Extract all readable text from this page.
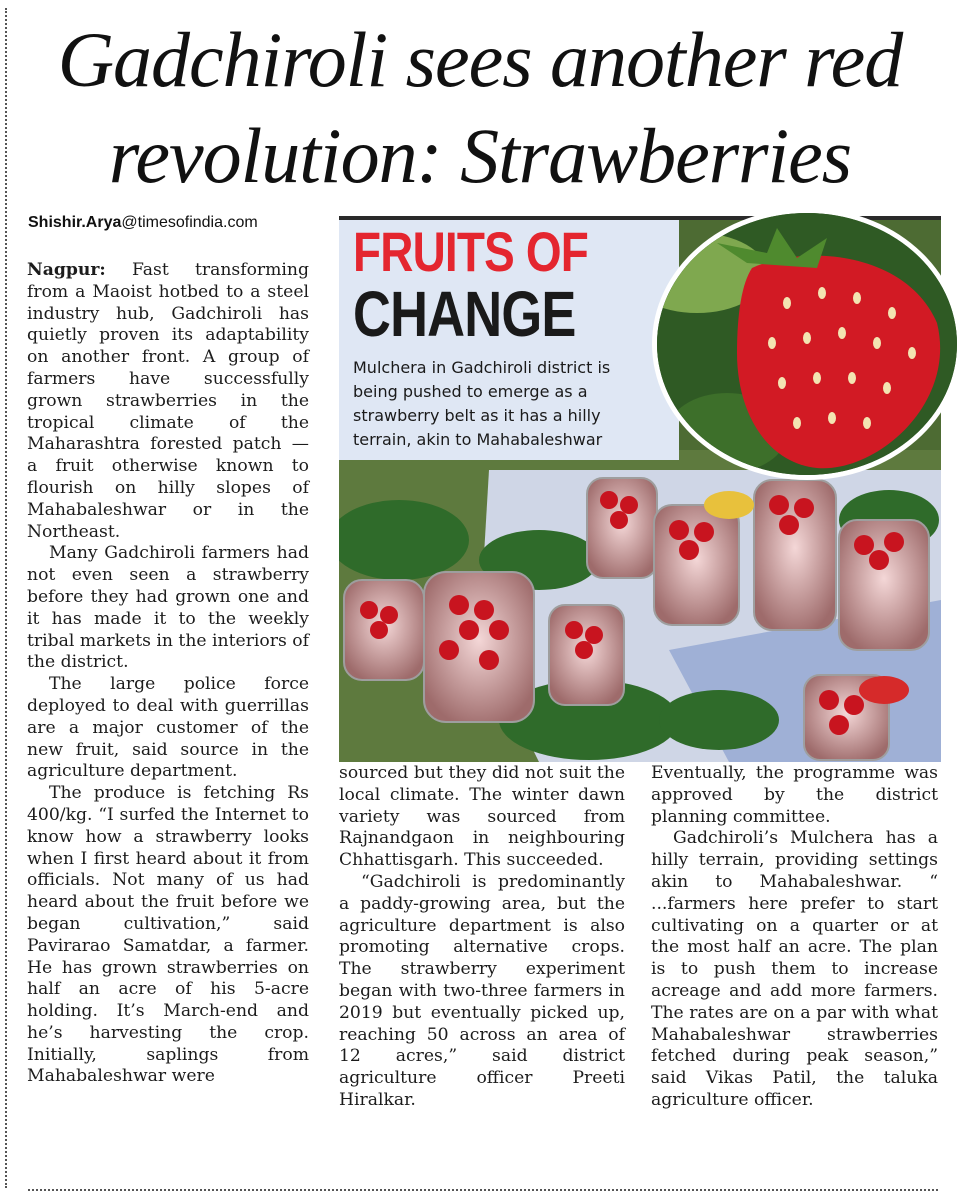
Gadchiroli sees another red
revolution: Strawberries
Shishir.Arya@timesofindia.com FRUITS OF
CHANGE

Mulchera in Gadchiroli district is being pushed to emerge as a strawberry belt as it has a hilly terrain, akin to Mahabaleshwar

Nagpur: Fast transforming from a Maoist hotbed to a steel industry hub, Gadchiroli has quietly proven its adaptability on another front. A group of farmers have successfully grown strawberries in the tropical climate of the Maharashtra forested patch — a fruit otherwise known to flourish on hilly slopes of Mahabaleshwar or in the Northeast.

Many Gadchiroli farmers had not even seen a strawberry before they had grown one and it has made it to the weekly tribal markets in the interiors of the district.

The large police force deployed to deal with guerrillas are a major customer of the new fruit, said source in the agriculture department.

The produce is fetching Rs 400/kg. “I surfed the Internet to know how a strawberry looks when I first heard about it from officials. Not many of us had heard about the fruit before we began cultivation,” said Pavirarao Samatdar, a farmer. He has grown strawberries on half an acre of his 5-acre holding. It’s March-end and he’s harvesting the crop. Initially, saplings from Mahabaleshwar were

sourced but they did not suit the local climate. The winter dawn variety was sourced from Rajnandgaon in neighbouring Chhattisgarh. This succeeded.

“Gadchiroli is predominantly a paddy-growing area, but the agriculture department is also promoting alternative crops. The strawberry experiment began with two-three farmers in 2019 but eventually picked up, reaching 50 across an area of 12 acres,” said district agriculture officer Preeti Hiralkar.

Eventually, the programme was approved by the district planning committee.

Gadchiroli’s Mulchera has a hilly terrain, providing settings akin to Mahabaleshwar. “ ...farmers here prefer to start cultivating on a quarter or at the most half an acre. The plan is to push them to increase acreage and add more farmers. The rates are on a par with what Mahabaleshwar strawberries fetched during peak season,” said Vikas Patil, the taluka agriculture officer.
